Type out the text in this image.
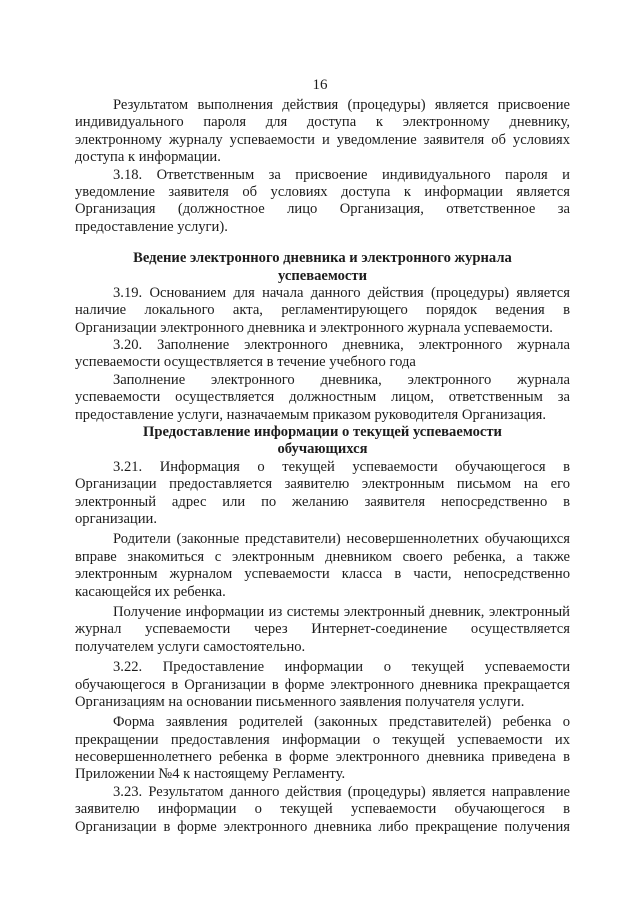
16
Результатом выполнения действия (процедуры) является присвоение
индивидуального пароля для доступа к электронному дневнику,
электронному журналу успеваемости и уведомление заявителя об условиях
доступа к информации.
3.18. Ответственным за присвоение индивидуального пароля и
уведомление заявителя об условиях доступа к информации является
Организация (должностное лицо Организация, ответственное за
предоставление услуги).
Ведение электронного дневника и электронного журнала
успеваемости
3.19. Основанием для начала данного действия (процедуры) является
наличие локального акта, регламентирующего порядок ведения в
Организации электронного дневника и электронного журнала успеваемости.
3.20. Заполнение электронного дневника, электронного журнала
успеваемости осуществляется в течение учебного года
Заполнение электронного дневника, электронного журнала
успеваемости осуществляется должностным лицом, ответственным за
предоставление услуги, назначаемым приказом руководителя Организация.
Предоставление информации о текущей успеваемости
обучающихся
3.21. Информация о текущей успеваемости обучающегося в
Организации предоставляется заявителю электронным письмом на его
электронный адрес или по желанию заявителя непосредственно в
организации.
Родители (законные представители) несовершеннолетних обучающихся
вправе знакомиться с электронным дневником своего ребенка, а также
электронным журналом успеваемости класса в части, непосредственно
касающейся их ребенка.
Получение информации из системы электронный дневник, электронный
журнал успеваемости через Интернет-соединение осуществляется
получателем услуги самостоятельно.
3.22. Предоставление информации о текущей успеваемости
обучающегося в Организации в форме электронного дневника прекращается
Организациям на основании письменного заявления получателя услуги.
Форма заявления родителей (законных представителей) ребенка о
прекращении предоставления информации о текущей успеваемости их
несовершеннолетнего ребенка в форме электронного дневника приведена в
Приложении №4 к настоящему Регламенту.
3.23. Результатом данного действия (процедуры) является направление
заявителю информации о текущей успеваемости обучающегося в
Организации в форме электронного дневника либо прекращение получения
